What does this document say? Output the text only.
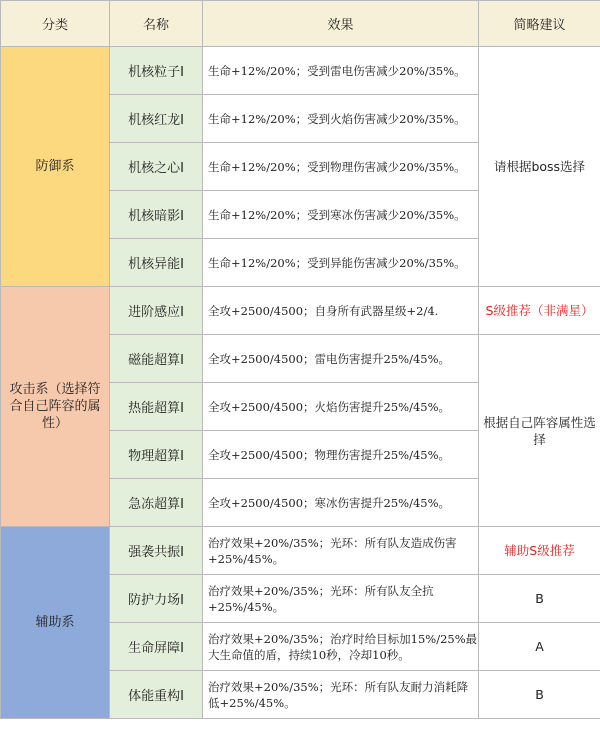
分类	名称	效果	简略建议
防御系	机核粒子Ⅰ	生命+12%/20%；受到雷电伤害减少20%/35%。	请根据boss选择
	机核红龙Ⅰ	生命+12%/20%；受到火焰伤害减少20%/35%。	
	机核之心Ⅰ	生命+12%/20%；受到物理伤害减少20%/35%。	
	机核暗影Ⅰ	生命+12%/20%；受到寒冰伤害减少20%/35%。	
	机核异能Ⅰ	生命+12%/20%；受到异能伤害减少20%/35%。	
攻击系（选择符合自己阵容的属性）	进阶感应Ⅰ	全攻+2500/4500；自身所有武器星级+2/4.	S级推荐（非满星）
	磁能超算Ⅰ	全攻+2500/4500；雷电伤害提升25%/45%。	根据自己阵容属性选择
	热能超算Ⅰ	全攻+2500/4500；火焰伤害提升25%/45%。	
	物理超算Ⅰ	全攻+2500/4500；物理伤害提升25%/45%。	
	急冻超算Ⅰ	全攻+2500/4500；寒冰伤害提升25%/45%。	
辅助系	强袭共振Ⅰ	治疗效果+20%/35%；光环：所有队友造成伤害+25%/45%。	辅助S级推荐
	防护力场Ⅰ	治疗效果+20%/35%；光环：所有队友全抗+25%/45%。	B
	生命屏障Ⅰ	治疗效果+20%/35%；治疗时给目标加15%/25%最大生命值的盾，持续10秒，冷却10秒。	A
	体能重构Ⅰ	治疗效果+20%/35%；光环：所有队友耐力消耗降低+25%/45%。	B
